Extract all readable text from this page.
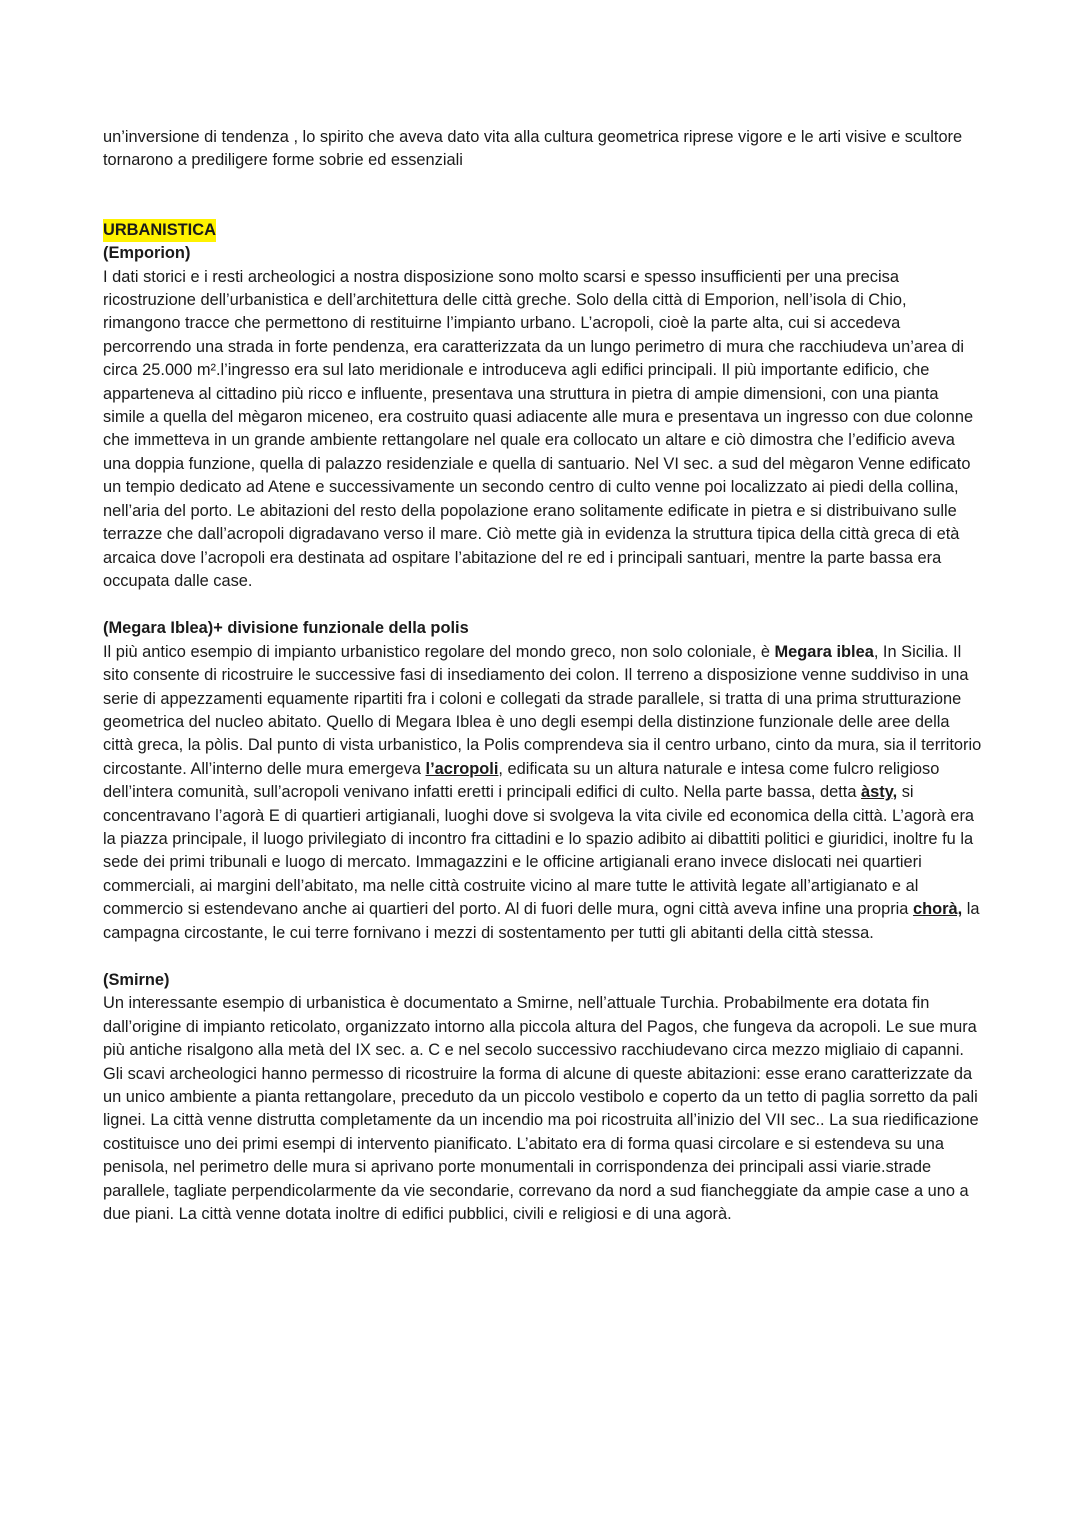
un’inversione di tendenza , lo spirito che aveva dato vita alla cultura geometrica riprese vigore e le arti visive e scultore tornarono a prediligere forme sobrie ed essenziali

URBANISTICA

(Emporion)

I dati storici e i resti archeologici a nostra disposizione sono molto scarsi e spesso insufficienti per una precisa ricostruzione dell’urbanistica e dell’architettura delle città greche. Solo della città di Emporion, nell’isola di Chio, rimangono tracce che permettono di restituirne l’impianto urbano. L’acropoli, cioè la parte alta, cui si accedeva percorrendo una strada in forte pendenza, era caratterizzata da un lungo perimetro di mura che racchiudeva un’area di circa 25.000 m².l’ingresso era sul lato meridionale e introduceva agli edifici principali. Il più importante edificio, che apparteneva al cittadino più ricco e influente, presentava una struttura in pietra di ampie dimensioni, con una pianta simile a quella del mègaron miceneo, era costruito quasi adiacente alle mura e presentava un ingresso con due colonne che immetteva in un grande ambiente rettangolare nel quale era collocato un altare e ciò dimostra che l’edificio aveva una doppia funzione, quella di palazzo residenziale e quella di santuario. Nel VI sec. a sud del mègaron Venne edificato un tempio dedicato ad Atene e successivamente un secondo centro di culto venne poi localizzato ai piedi della collina, nell’aria del porto. Le abitazioni del resto della popolazione erano solitamente edificate in pietra e si distribuivano sulle terrazze che dall’acropoli digradavano verso il mare. Ciò mette già in evidenza la struttura tipica della città greca di età arcaica dove l’acropoli era destinata ad ospitare l’abitazione del re ed i principali santuari, mentre la parte bassa era occupata dalle case.

(Megara Iblea)+ divisione funzionale della polis

Il più antico esempio di impianto urbanistico regolare del mondo greco, non solo coloniale, è Megara iblea, In Sicilia. Il sito consente di ricostruire le successive fasi di insediamento dei colon. Il terreno a disposizione venne suddiviso in una serie di appezzamenti equamente ripartiti fra i coloni e collegati da strade parallele, si tratta di una prima strutturazione geometrica del nucleo abitato. Quello di Megara Iblea è uno degli esempi della distinzione funzionale delle aree della città greca, la pòlis. Dal punto di vista urbanistico, la Polis comprendeva sia il centro urbano, cinto da mura, sia il territorio circostante. All’interno delle mura emergeva l’acropoli, edificata su un altura naturale e intesa come fulcro religioso dell’intera comunità, sull’acropoli venivano infatti eretti i principali edifici di culto. Nella parte bassa, detta àsty, si concentravano l’agorà E di quartieri artigianali, luoghi dove si svolgeva la vita civile ed economica della città. L’agorà era la piazza principale, il luogo privilegiato di incontro fra cittadini e lo spazio adibito ai dibattiti politici e giuridici, inoltre fu la sede dei primi tribunali e luogo di mercato. Immagazzini e le officine artigianali erano invece dislocati nei quartieri commerciali, ai margini dell’abitato, ma nelle città costruite vicino al mare tutte le attività legate all’artigianato e al commercio si estendevano anche ai quartieri del porto. Al di fuori delle mura, ogni città aveva infine una propria chorà, la campagna circostante, le cui terre fornivano i mezzi di sostentamento per tutti gli abitanti della città stessa.

(Smirne)

Un interessante esempio di urbanistica è documentato a Smirne, nell’attuale Turchia. Probabilmente era dotata fin dall’origine di impianto reticolato, organizzato intorno alla piccola altura del Pagos, che fungeva da acropoli. Le sue mura più antiche risalgono alla metà del IX sec. a. C e nel secolo successivo racchiudevano circa mezzo migliaio di capanni. Gli scavi archeologici hanno permesso di ricostruire la forma di alcune di queste abitazioni: esse erano caratterizzate da un unico ambiente a pianta rettangolare, preceduto da un piccolo vestibolo e coperto da un tetto di paglia sorretto da pali lignei. La città venne distrutta completamente da un incendio ma poi ricostruita all’inizio del VII sec.. La sua riedificazione costituisce uno dei primi esempi di intervento pianificato. L’abitato era di forma quasi circolare e si estendeva su una penisola, nel perimetro delle mura si aprivano porte monumentali in corrispondenza dei principali assi viarie.strade parallele, tagliate perpendicolarmente da vie secondarie, correvano da nord a sud fiancheggiate da ampie case a uno a due piani. La città venne dotata inoltre di edifici pubblici, civili e religiosi e di una agorà.
